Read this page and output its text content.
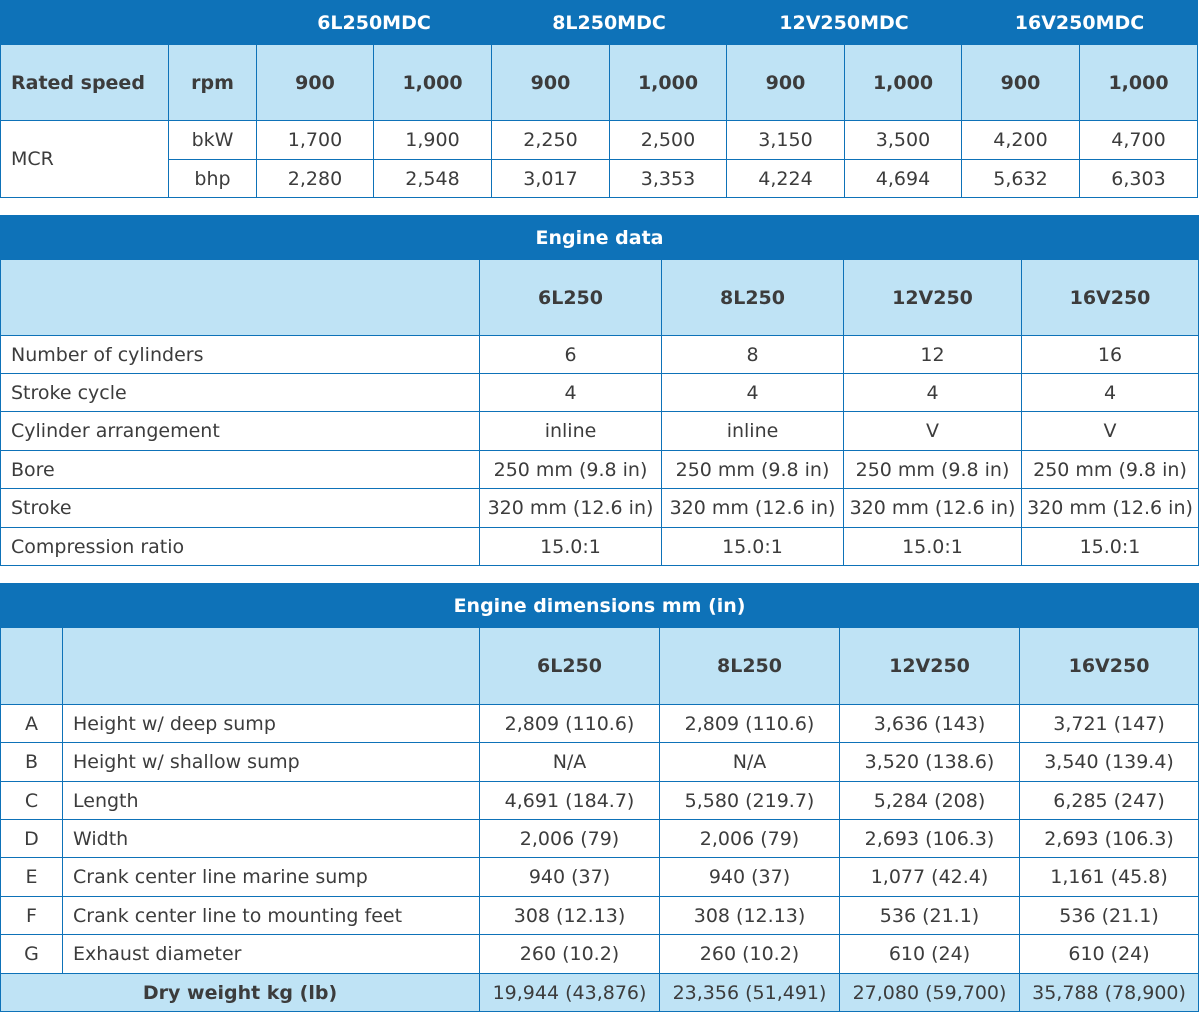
		6L250MDC		8L250MDC		12V250MDC		16V250MDC	
Rated speed	rpm	900	1,000	900	1,000	900	1,000	900	1,000
MCR	bkW	1,700	1,900	2,250	2,500	3,150	3,500	4,200	4,700
	bhp	2,280	2,548	3,017	3,353	4,224	4,694	5,632	6,303
Engine data				
	6L250	8L250	12V250	16V250
Number of cylinders	6	8	12	16
Stroke cycle	4	4	4	4
Cylinder arrangement	inline	inline	V	V
Bore	250 mm (9.8 in)	250 mm (9.8 in)	250 mm (9.8 in)	250 mm (9.8 in)
Stroke	320 mm (12.6 in)	320 mm (12.6 in)	320 mm (12.6 in)	320 mm (12.6 in)
Compression ratio	15.0:1	15.0:1	15.0:1	15.0:1
Engine dimensions mm (in)					
		6L250	8L250	12V250	16V250
A	Height w/ deep sump	2,809 (110.6)	2,809 (110.6)	3,636 (143)	3,721 (147)
B	Height w/ shallow sump	N/A	N/A	3,520 (138.6)	3,540 (139.4)
C	Length	4,691 (184.7)	5,580 (219.7)	5,284 (208)	6,285 (247)
D	Width	2,006 (79)	2,006 (79)	2,693 (106.3)	2,693 (106.3)
E	Crank center line marine sump	940 (37)	940 (37)	1,077 (42.4)	1,161 (45.8)
F	Crank center line to mounting feet	308 (12.13)	308 (12.13)	536 (21.1)	536 (21.1)
G	Exhaust diameter	260 (10.2)	260 (10.2)	610 (24)	610 (24)
Dry weight kg (lb)		19,944 (43,876)	23,356 (51,491)	27,080 (59,700)	35,788 (78,900)
